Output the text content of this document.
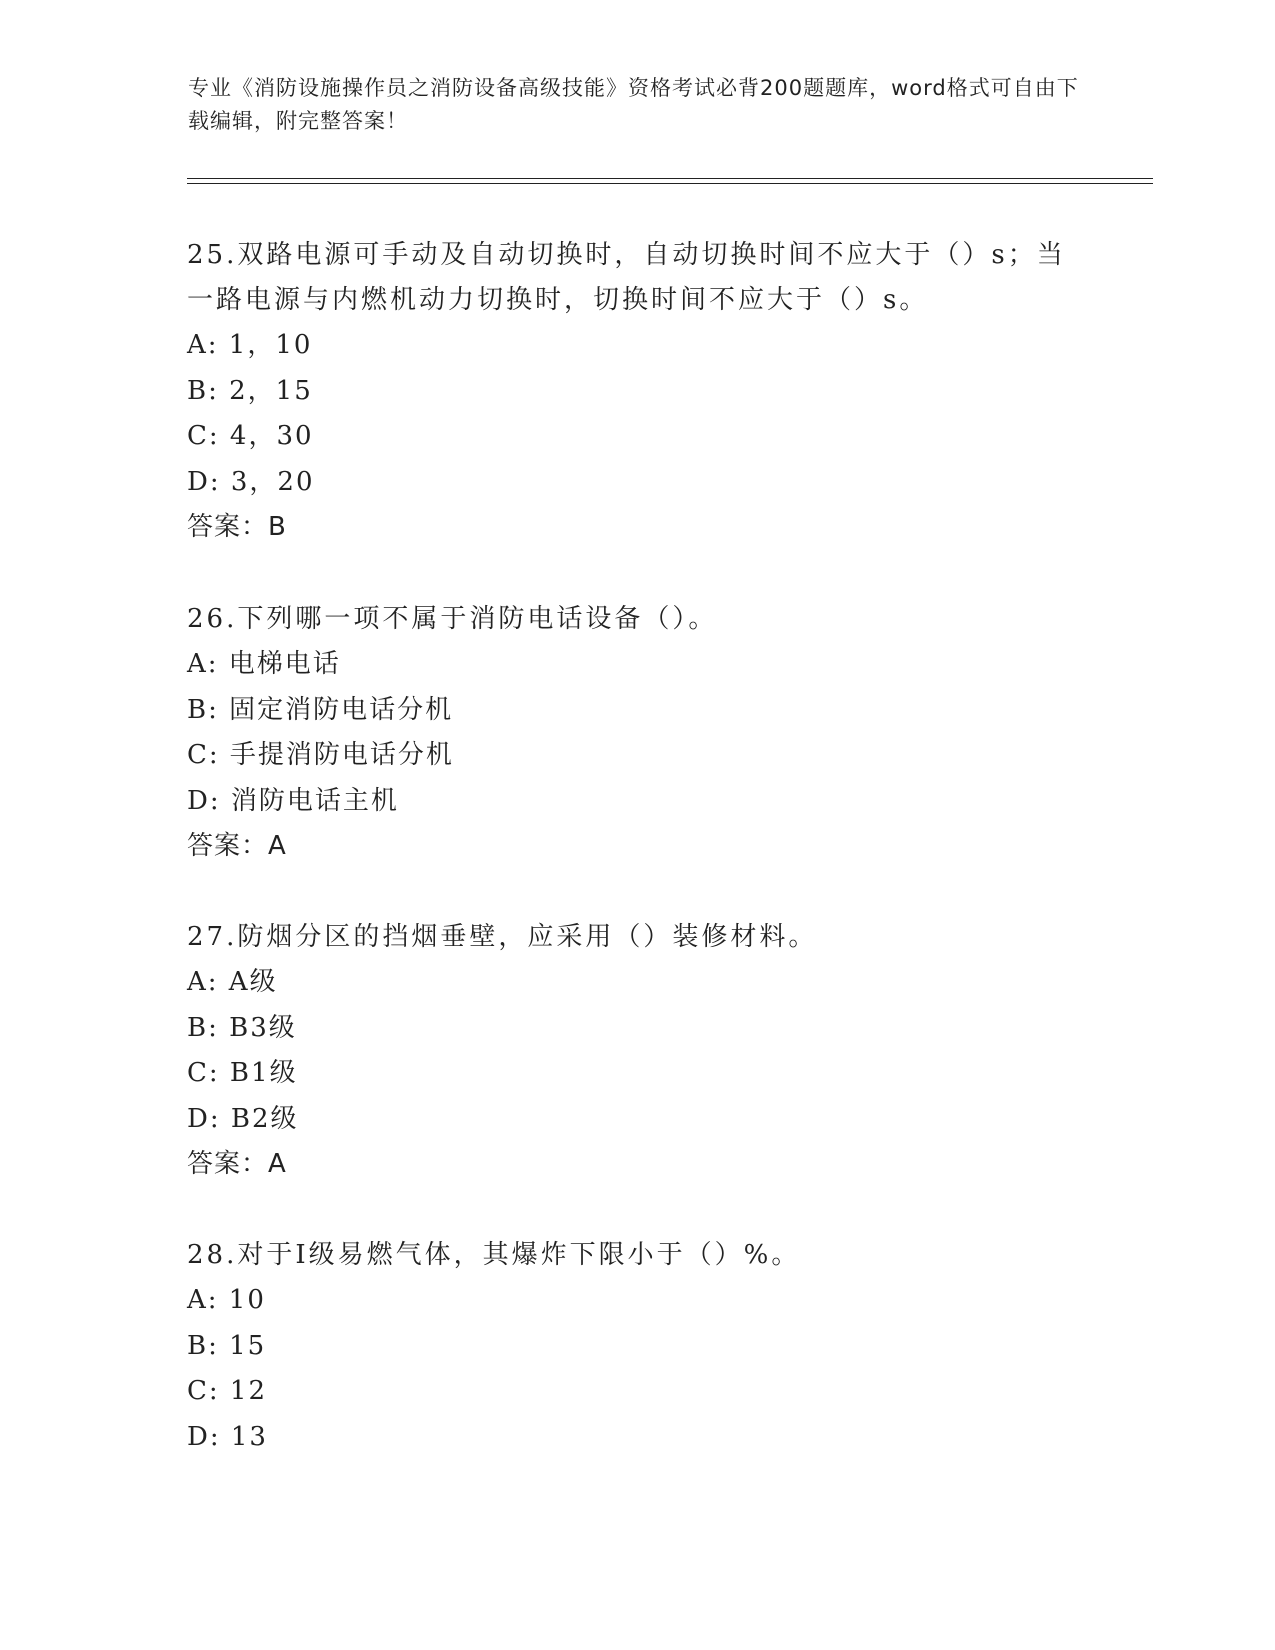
专业《消防设施操作员之消防设备高级技能》资格考试必背200题题库，word格式可自由下载编辑，附完整答案！
25.双路电源可手动及自动切换时，自动切换时间不应大于（）s；当一路电源与内燃机动力切换时，切换时间不应大于（）s。
A: 1，10
B: 2，15
C: 4，30
D: 3，20
答案：B
26.下列哪一项不属于消防电话设备（）。
A: 电梯电话
B: 固定消防电话分机
C: 手提消防电话分机
D: 消防电话主机
答案：A
27.防烟分区的挡烟垂壁，应采用（）装修材料。
A: A级
B: B3级
C: B1级
D: B2级
答案：A
28.对于Ⅰ级易燃气体，其爆炸下限小于（）%。
A: 10
B: 15
C: 12
D: 13
